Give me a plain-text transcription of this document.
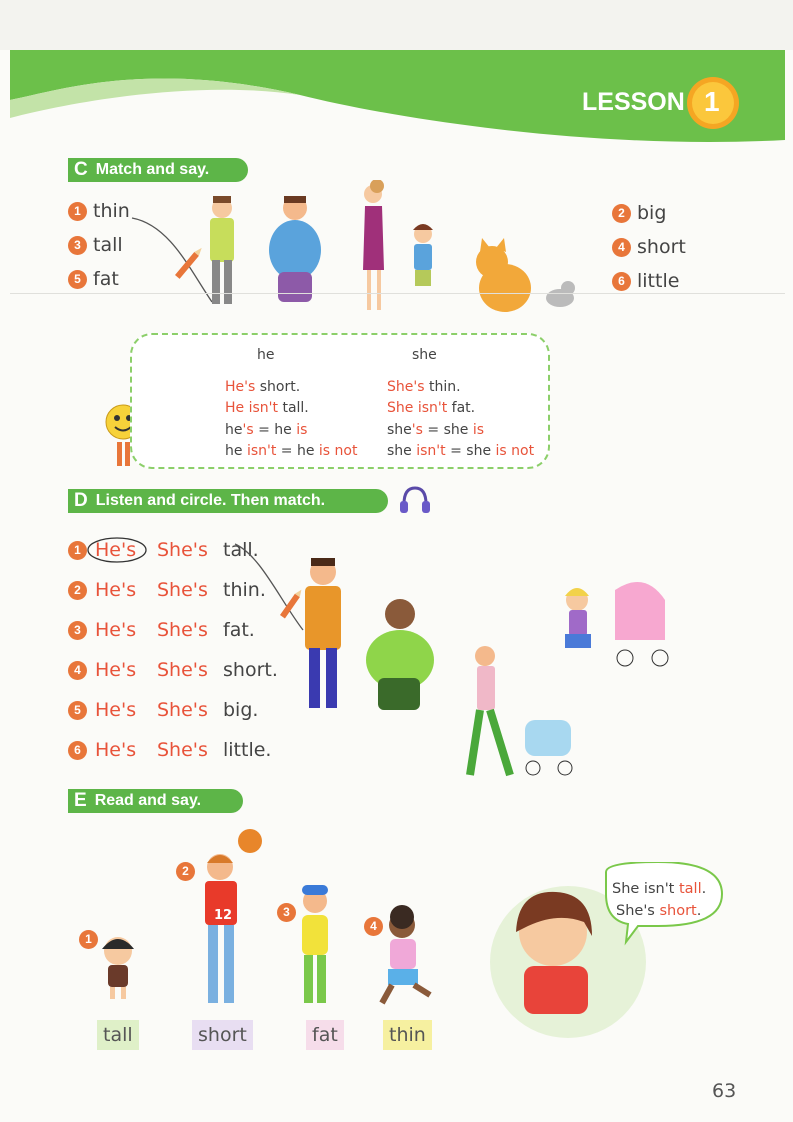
LESSON 1
C Match and say.
1 thin
3 tall
5 fat
2 big
4 short
6 little
he	she
He's short.
He isn't tall.
he's = he is
he isn't = he is not
She's thin.
She isn't fat.
she's = she is
she isn't = she is not
D Listen and circle. Then match.
1 He's	She's tall.
2 He's	She's thin.
3 He's	She's fat.
4 He's	She's short.
5 He's	She's big.
6 He's	She's little.
E Read and say.
1
2
3
4
12
She isn't tall.
She's short.
tall	short	fat	thin
63
